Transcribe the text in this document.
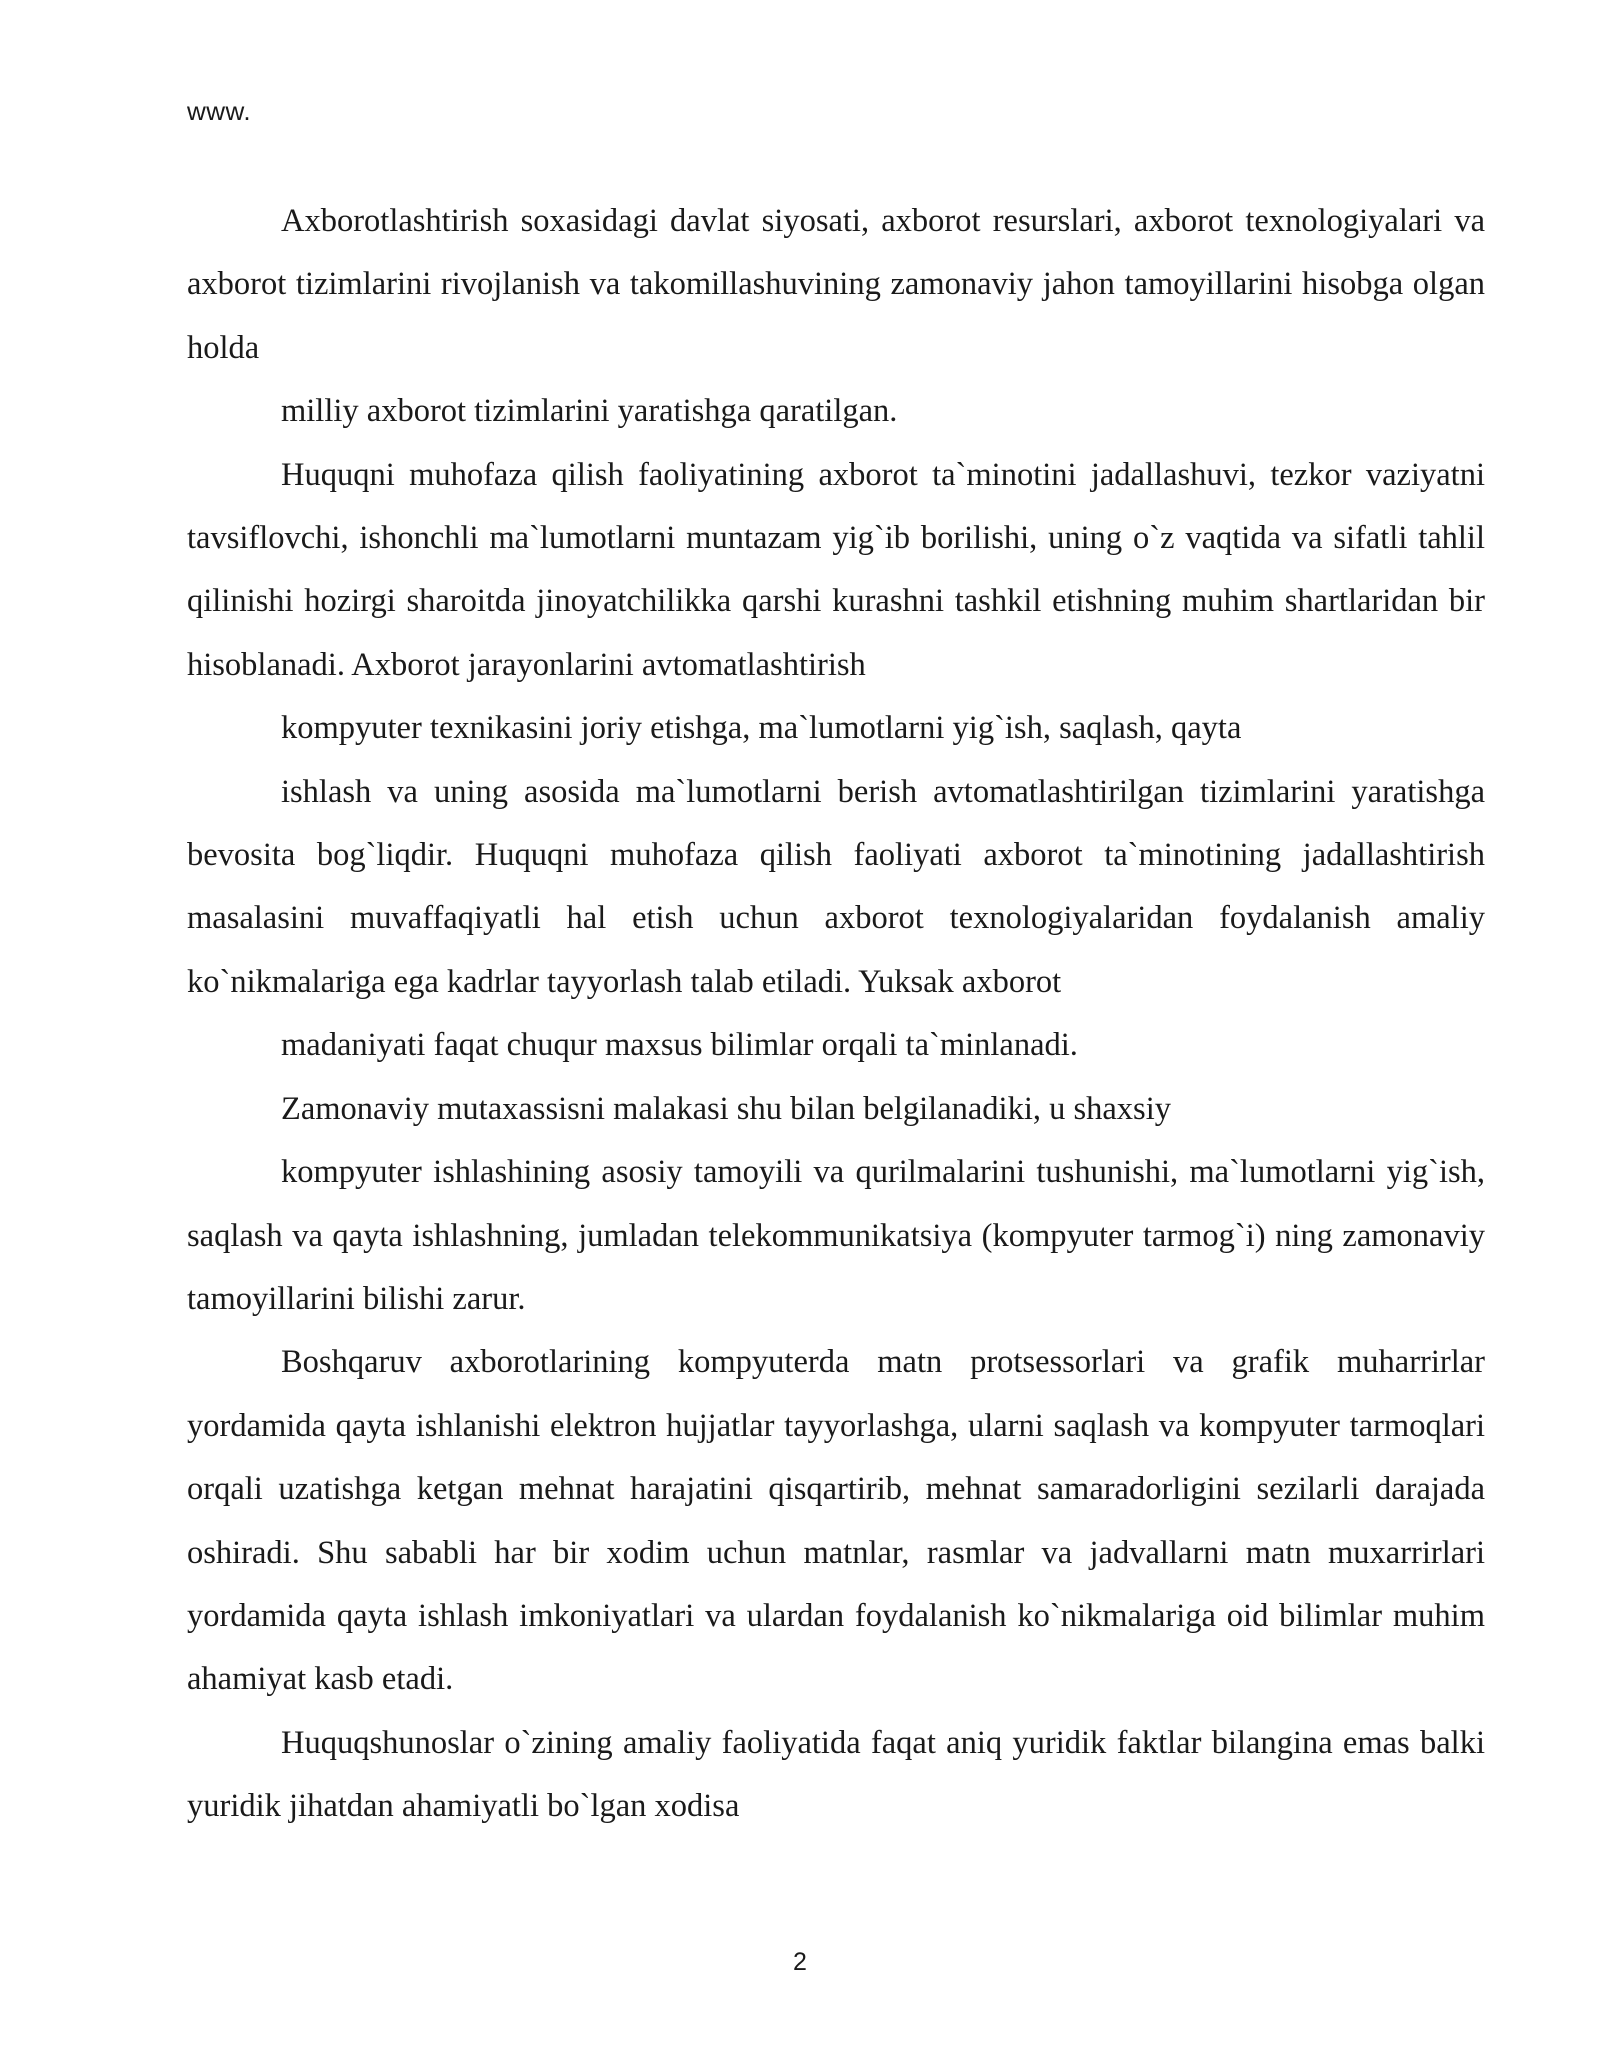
www.

Axborotlashtirish soxasidagi davlat siyosati, axborot resurslari, axborot texnologiyalari va axborot tizimlarini rivojlanish va takomillashuvining zamonaviy jahon tamoyillarini hisobga olgan holda

milliy axborot tizimlarini yaratishga qaratilgan.

Huquqni muhofaza qilish faoliyatining axborot ta`minotini jadallashuvi, tezkor vaziyatni tavsiflovchi, ishonchli ma`lumotlarni muntazam yig`ib borilishi, uning o`z vaqtida va sifatli tahlil qilinishi hozirgi sharoitda jinoyatchilikka qarshi kurashni tashkil etishning muhim shartlaridan bir hisoblanadi. Axborot jarayonlarini avtomatlashtirish

kompyuter texnikasini joriy etishga, ma`lumotlarni yig`ish, saqlash, qayta

ishlash va uning asosida ma`lumotlarni berish avtomatlashtirilgan tizimlarini yaratishga bevosita bog`liqdir. Huquqni muhofaza qilish faoliyati axborot ta`minotining jadallashtirish masalasini muvaffaqiyatli hal etish uchun axborot texnologiyalaridan foydalanish amaliy ko`nikmalariga ega kadrlar tayyorlash talab etiladi. Yuksak axborot

madaniyati faqat chuqur maxsus bilimlar orqali ta`minlanadi.

Zamonaviy mutaxassisni malakasi shu bilan belgilanadiki, u shaxsiy

kompyuter ishlashining asosiy tamoyili va qurilmalarini tushunishi, ma`lumotlarni yig`ish, saqlash va qayta ishlashning, jumladan telekommunikatsiya (kompyuter tarmog`i) ning zamonaviy tamoyillarini bilishi zarur.

Boshqaruv axborotlarining kompyuterda matn protsessorlari va grafik muharrirlar yordamida qayta ishlanishi elektron hujjatlar tayyorlashga, ularni saqlash va kompyuter tarmoqlari orqali uzatishga ketgan mehnat harajatini qisqartirib, mehnat samaradorligini sezilarli darajada oshiradi. Shu sababli har bir xodim uchun matnlar, rasmlar va jadvallarni matn muxarrirlari yordamida qayta ishlash imkoniyatlari va ulardan foydalanish ko`nikmalariga oid bilimlar muhim ahamiyat kasb etadi.

Huquqshunoslar o`zining amaliy faoliyatida faqat aniq yuridik faktlar bilangina emas balki yuridik jihatdan ahamiyatli bo`lgan xodisa

2
